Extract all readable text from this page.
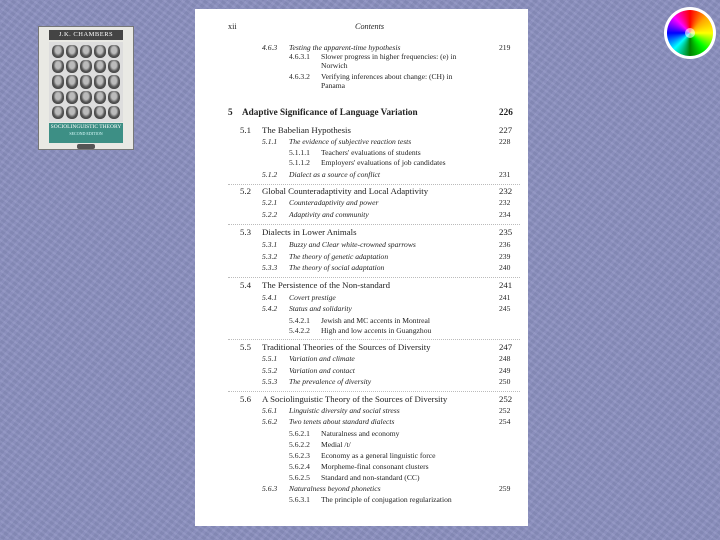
J.K. CHAMBERS
SOCIOLINGUISTIC THEORY
SECOND EDITION
xii	Contents
4.6.3 Testing the apparent-time hypothesis	219
4.6.3.1 Slower progress in higher frequencies: (e) in
Norwich
4.6.3.2 Verifying inferences about change: (CH) in
Panama
5 Adaptive Significance of Language Variation	226
5.1 The Babelian Hypothesis	227
5.1.1 The evidence of subjective reaction tests	228
5.1.1.1 Teachers' evaluations of students
5.1.1.2 Employers' evaluations of job candidates
5.1.2 Dialect as a source of conflict	231
5.2 Global Counteradaptivity and Local Adaptivity	232
5.2.1 Counteradaptivity and power	232
5.2.2 Adaptivity and community	234
5.3 Dialects in Lower Animals	235
5.3.1 Buzzy and Clear white-crowned sparrows	236
5.3.2 The theory of genetic adaptation	239
5.3.3 The theory of social adaptation	240
5.4 The Persistence of the Non-standard	241
5.4.1 Covert prestige	241
5.4.2 Status and solidarity	245
5.4.2.1 Jewish and MC accents in Montreal
5.4.2.2 High and low accents in Guangzhou
5.5 Traditional Theories of the Sources of Diversity	247
5.5.1 Variation and climate	248
5.5.2 Variation and contact	249
5.5.3 The prevalence of diversity	250
5.6 A Sociolinguistic Theory of the Sources of Diversity	252
5.6.1 Linguistic diversity and social stress	252
5.6.2 Two tenets about standard dialects	254
5.6.2.1 Naturalness and economy
5.6.2.2 Medial /t/
5.6.2.3 Economy as a general linguistic force
5.6.2.4 Morpheme-final consonant clusters
5.6.2.5 Standard and non-standard (CC)
5.6.3 Naturalness beyond phonetics	259
5.6.3.1 The principle of conjugation regularization
